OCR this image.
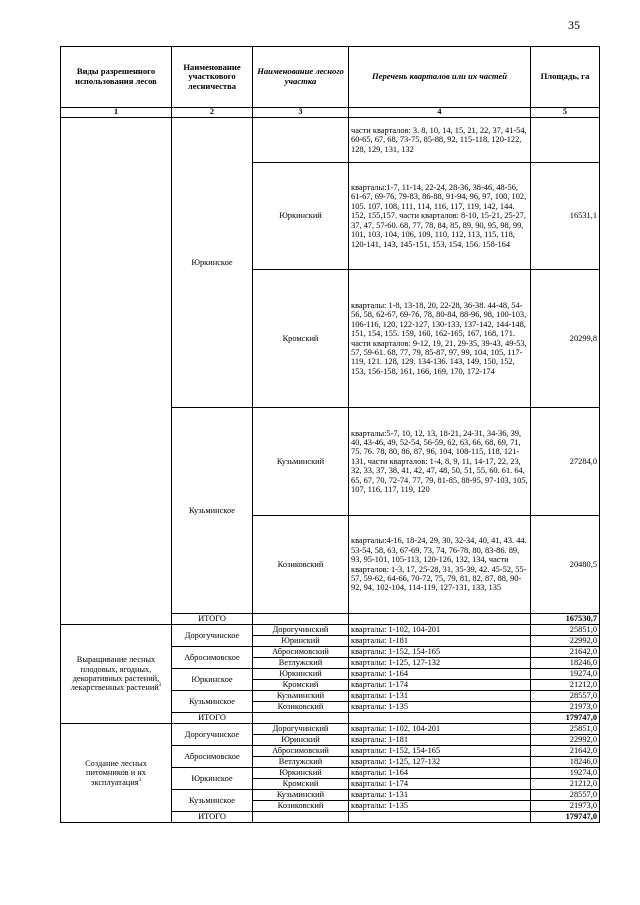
35
Виды разрешенного использования лесов	Наименование участкового лесничества	Наименование лесного участка	Перечень кварталов или их частей	Площадь, га
1	2	3	4	5
	Юркинское		части кварталов: 3. 8, 10, 14, 15, 21, 22, 37, 41-54, 60-65, 67, 68, 73-75, 85-88, 92, 115-118, 120-122, 128, 129, 131, 132	
		Юркинский	кварталы:1-7, 11-14, 22-24, 28-36, 38-46, 48-56, 61-67, 69-76, 79-83, 86-88, 91-94, 96, 97, 100, 102, 105. 107, 108, 111, 114, 116, 117, 119, 142, 144. 152, 155,157. части кварталов: 8-10, 15-21, 25-27, 37, 47, 57-60. 68, 77, 78, 84, 85, 89, 90, 95, 98, 99, 101, 103, 104, 106, 109, 110, 112, 113, 115, 118, 120-141, 143, 145-151, 153, 154, 156. 158-164	16531,1
		Кромский	кварталы: 1-8, 13-18, 20, 22-28, 36-38. 44-48, 54-56, 58, 62-67, 69-76, 78, 80-84, 88-96, 98, 100-103, 106-116, 120, 122-127, 130-133, 137-142, 144-148, 151, 154, 155. 159, 160, 162-165, 167, 168, 171. части кварталов: 9-12, 19, 21, 29-35, 39-43, 49-53, 57, 59-61. 68, 77, 79, 85-87, 97, 99, 104, 105, 117-119, 121. 128, 129. 134-136. 143, 149, 150, 152, 153, 156-158, 161, 166, 169, 170, 172-174	20299,8
	Кузьминское	Кузьминский	кварталы:5-7, 10, 12, 13, 18-21, 24-31, 34-36, 39, 40, 43-46, 49, 52-54, 56-59, 62, 63, 66, 68, 69, 71, 75. 76. 78, 80, 86, 87, 96, 104, 108-115, 118, 121-131, части кварталов: 1-4, 8, 9, 11, 14-17, 22, 23, 32, 33, 37, 38, 41, 42, 47, 48, 50, 51, 55, 60. 61. 64, 65, 67, 70, 72-74. 77, 79, 81-85, 88-95, 97-103, 105, 107, 116, 117, 119, 120	27284,0
		Козиковский	кварталы:4-16, 18-24, 29, 30, 32-34, 40, 41, 43. 44. 53-54, 58, 63, 67-69, 73, 74, 76-78, 80, 83-86. 89, 93, 95-101, 105-113, 120-126, 132, 134, части кварталов: 1-3, 17, 25-28, 31, 35-39, 42. 45-52, 55-57, 59-62, 64-66, 70-72, 75, 79, 81, 82, 87, 88, 90-92, 94, 102-104, 114-119, 127-131, 133, 135	20480,5
	ИТОГО			167530,7
Выращивание лесных плодовых, ягодных, декоративных растений, лекарственных растений$^3$	Дорогучинское	Дорогучинский	кварталы: 1-102, 104-201	25851,0
		Юринский	кварталы: 1-181	22992,0
	Абросимовское	Абросимовский	кварталы: 1-152, 154-165	21642,0
		Ветлужский	кварталы: 1-125, 127-132	18246,0
	Юркинское	Юркинский	кварталы: 1-164	19274,0
		Кромский	кварталы: 1-174	21212,0
	Кузьминское	Кузьминский	кварталы: 1-131	28557,0
		Козиковский	кварталы: 1-135	21973,0
	ИТОГО			179747,0
Создание лесных питомников и их эксплуатация$^3$	Дорогучинское	Дорогучинский	кварталы: 1-102, 104-201	25851,0
		Юринский	кварталы: 1-181	22992,0
	Абросимовское	Абросимовский	кварталы: 1-152, 154-165	21642,0
		Ветлужский	кварталы: 1-125, 127-132	18246,0
	Юркинское	Юркинский	кварталы: 1-164	19274,0
		Кромский	кварталы: 1-174	21212,0
	Кузьминское	Кузьминский	кварталы: 1-131	28557,0
		Козиковский	кварталы: 1-135	21973,0
	ИТОГО			179747,0
